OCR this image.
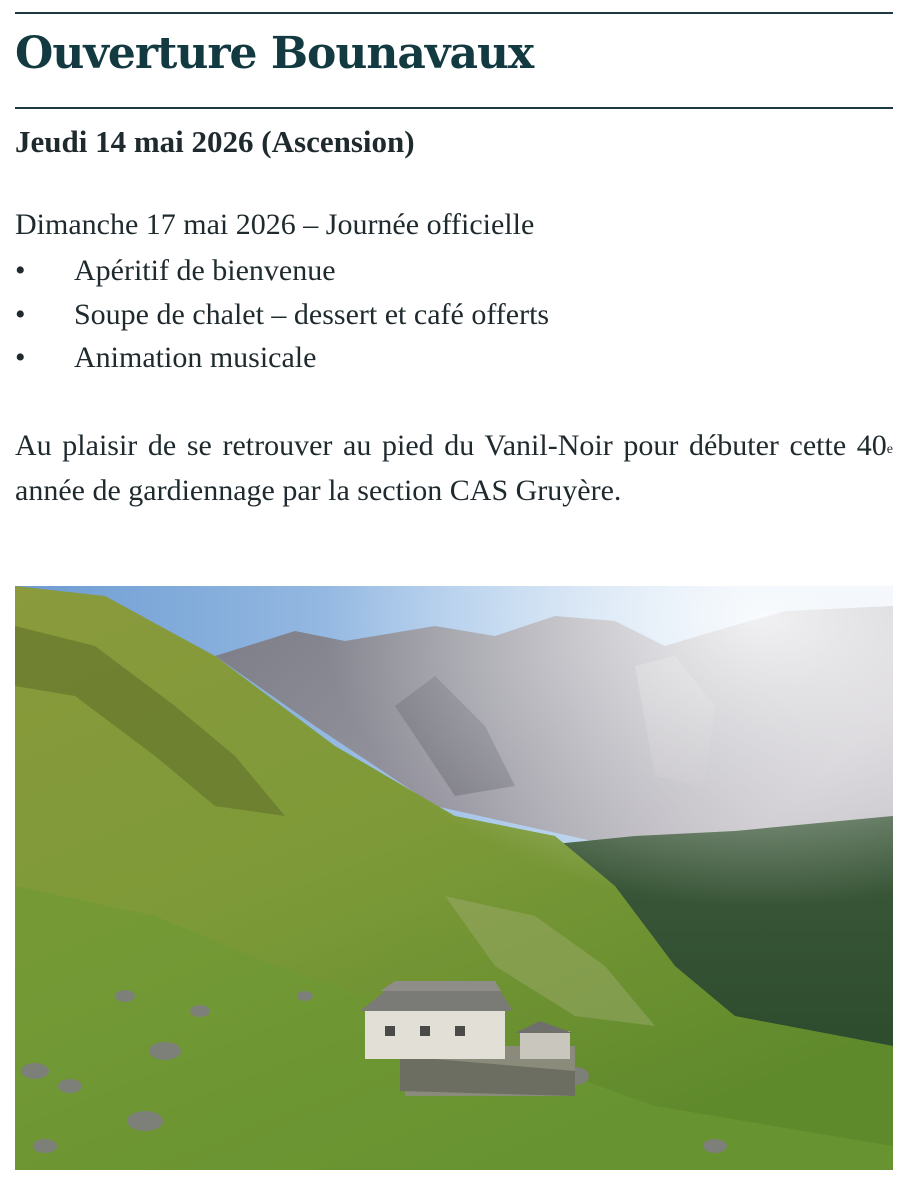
Ouverture Bounavaux

Jeudi 14 mai 2026 (Ascension)

Dimanche 17 mai 2026 – Journée officielle

•	Apéritif de bienvenue
•	Soupe de chalet – dessert et café offerts
•	Animation musicale

Au plaisir de se retrouver au pied du Vanil-Noir pour débuter cette 40e année de gardiennage par la section CAS Gruyère.
